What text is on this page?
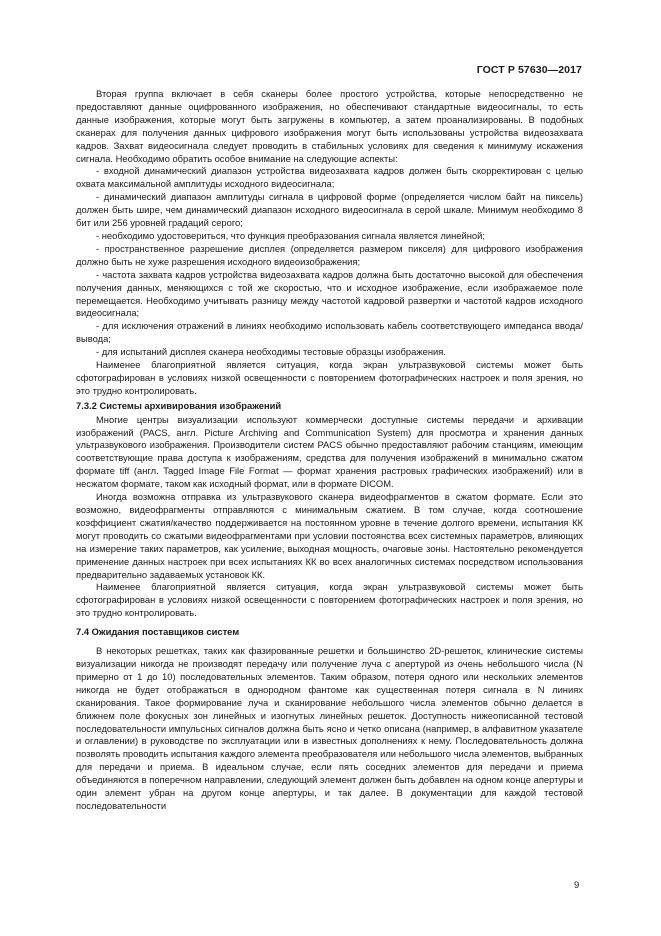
ГОСТ Р 57630—2017

Вторая группа включает в себя сканеры более простого устройства, которые непосредственно не предоставляют данные оцифрованного изображения, но обеспечивают стандартные видеосигналы, то есть данные изображения, которые могут быть загружены в компьютер, а затем проанализированы. В подобных сканерах для получения данных цифрового изображения могут быть использованы устройства видеозахвата кадров. Захват видеосигнала следует проводить в стабильных условиях для сведения к минимуму искажения сигнала. Необходимо обратить особое внимание на следующие аспекты:

- входной динамический диапазон устройства видеозахвата кадров должен быть скорректирован с целью охвата максимальной амплитуды исходного видеосигнала;

- динамический диапазон амплитуды сигнала в цифровой форме (определяется числом байт на пиксель) должен быть шире, чем динамический диапазон исходного видеосигнала в серой шкале. Минимум необходимо 8 бит или 256 уровней градаций серого;

- необходимо удостовериться, что функция преобразования сигнала является линейной;

- пространственное разрешение дисплея (определяется размером пикселя) для цифрового изображения должно быть не хуже разрешения исходного видеоизображения;

- частота захвата кадров устройства видеозахвата кадров должна быть достаточно высокой для обеспечения получения данных, меняющихся с той же скоростью, что и исходное изображение, если изображаемое поле перемещается. Необходимо учитывать разницу между частотой кадровой развертки и частотой кадров исходного видеосигнала;

- для исключения отражений в линиях необходимо использовать кабель соответствующего импеданса ввода/вывода;

- для испытаний дисплея сканера необходимы тестовые образцы изображения.

Наименее благоприятной является ситуация, когда экран ультразвуковой системы может быть сфотографирован в условиях низкой освещенности с повторением фотографических настроек и поля зрения, но это трудно контролировать.

7.3.2 Системы архивирования изображений

Многие центры визуализации используют коммерчески доступные системы передачи и архивации изображений (PACS, англ. Picture Archiving and Communication System) для просмотра и хранения данных ультразвукового изображения. Производители систем PACS обычно предоставляют рабочим станциям, имеющим соответствующие права доступа к изображениям, средства для получения изображений в минимально сжатом формате tiff (англ. Tagged Image File Format — формат хранения растровых графических изображений) или в несжатом формате, таком как исходный формат, или в формате DICOM.

Иногда возможна отправка из ультразвукового сканера видеофрагментов в сжатом формате. Если это возможно, видеофрагменты отправляются с минимальным сжатием. В том случае, когда соотношение коэффициент сжатия/качество поддерживается на постоянном уровне в течение долгого времени, испытания КК могут проводить со сжатыми видеофрагментами при условии постоянства всех системных параметров, влияющих на измерение таких параметров, как усиление, выходная мощность, очаговые зоны. Настоятельно рекомендуется применение данных настроек при всех испытаниях КК во всех аналогичных системах посредством использования предварительно задаваемых установок КК.

Наименее благоприятной является ситуация, когда экран ультразвуковой системы может быть сфотографирован в условиях низкой освещенности с повторением фотографических настроек и поля зрения, но это трудно контролировать.

7.4 Ожидания поставщиков систем

В некоторых решетках, таких как фазированные решетки и большинство 2D-решеток, клинические системы визуализации никогда не производят передачу или получение луча с апертурой из очень небольшого числа (N примерно от 1 до 10) последовательных элементов. Таким образом, потеря одного или нескольких элементов никогда не будет отображаться в однородном фантоме как существенная потеря сигнала в N линиях сканирования. Такое формирование луча и сканирование небольшого числа элементов обычно делается в ближнем поле фокусных зон линейных и изогнутых линейных решеток. Доступность нижеописанной тестовой последовательности импульсных сигналов должна быть ясно и четко описана (например, в алфавитном указателе и оглавлении) в руководстве по эксплуатации или в известных дополнениях к нему. Последовательность должна позволять проводить испытания каждого элемента преобразователя или небольшого числа элементов, выбранных для передачи и приема. В идеальном случае, если пять соседних элементов для передачи и приема объединяются в поперечном направлении, следующий элемент должен быть добавлен на одном конце апертуры и один элемент убран на другом конце апертуры, и так далее. В документации для каждой тестовой последовательности

9
